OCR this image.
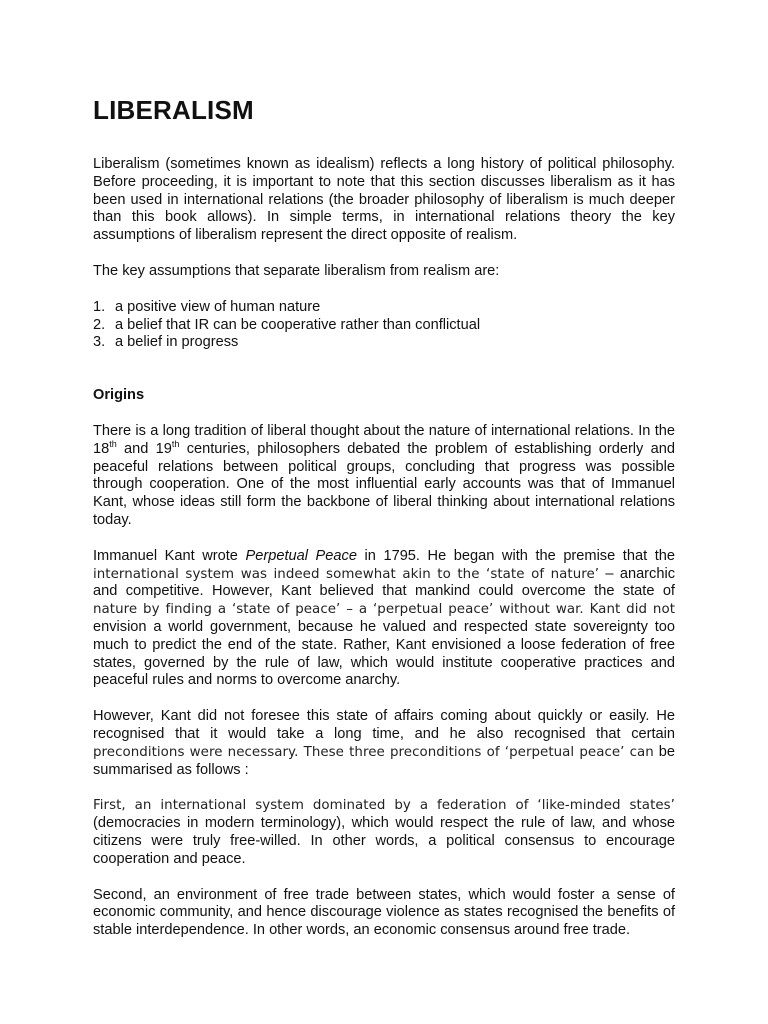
LIBERALISM

Liberalism (sometimes known as idealism) reflects a long history of political philosophy. Before proceeding, it is important to note that this section discusses liberalism as it has been used in international relations (the broader philosophy of liberalism is much deeper than this book allows). In simple terms, in international relations theory the key assumptions of liberalism represent the direct opposite of realism.

The key assumptions that separate liberalism from realism are:

1. a positive view of human nature
2. a belief that IR can be cooperative rather than conflictual
3. a belief in progress
Origins

There is a long tradition of liberal thought about the nature of international relations. In the 18th and 19th centuries, philosophers debated the problem of establishing orderly and peaceful relations between political groups, concluding that progress was possible through cooperation. One of the most influential early accounts was that of Immanuel Kant, whose ideas still form the backbone of liberal thinking about international relations today.

Immanuel Kant wrote Perpetual Peace in 1795. He began with the premise that the international system was indeed somewhat akin to the ‘state of nature’ – anarchic and competitive. However, Kant believed that mankind could overcome the state of nature by finding a ‘state of peace’ – a ‘perpetual peace’ without war. Kant did not envision a world government, because he valued and respected state sovereignty too much to predict the end of the state. Rather, Kant envisioned a loose federation of free states, governed by the rule of law, which would institute cooperative practices and peaceful rules and norms to overcome anarchy.

However, Kant did not foresee this state of affairs coming about quickly or easily. He recognised that it would take a long time, and he also recognised that certain preconditions were necessary. These three preconditions of ‘perpetual peace’ can be summarised as follows :

First, an international system dominated by a federation of ‘like-minded states’ (democracies in modern terminology), which would respect the rule of law, and whose citizens were truly free-willed. In other words, a political consensus to encourage cooperation and peace.

Second, an environment of free trade between states, which would foster a sense of economic community, and hence discourage violence as states recognised the benefits of stable interdependence. In other words, an economic consensus around free trade.
